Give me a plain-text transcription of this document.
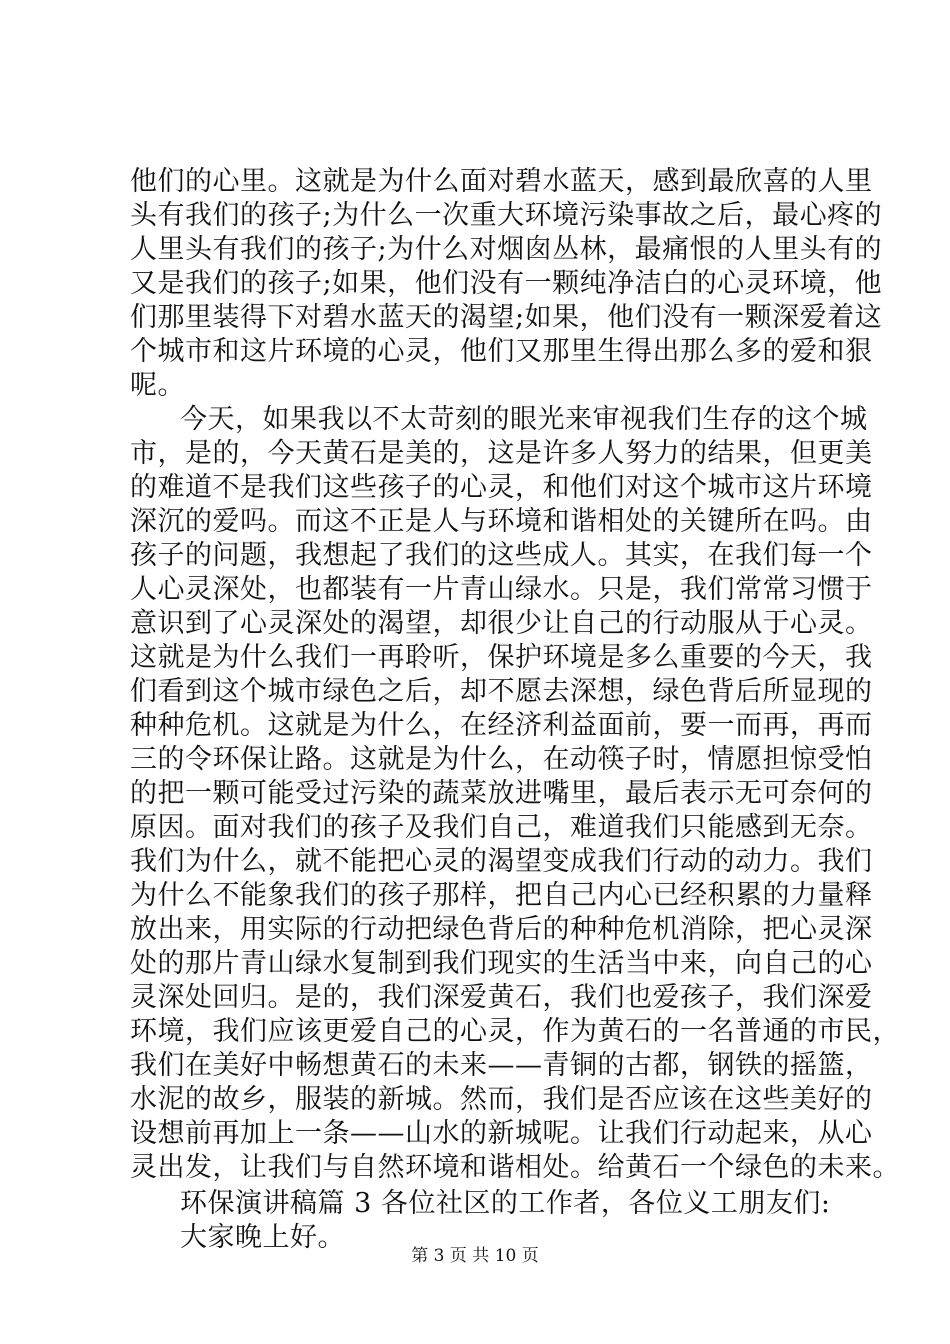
他们的心里。这就是为什么面对碧水蓝天，感到最欣喜的人里
头有我们的孩子;为什么一次重大环境污染事故之后，最心疼的
人里头有我们的孩子;为什么对烟囱丛林，最痛恨的人里头有的
又是我们的孩子;如果，他们没有一颗纯净洁白的心灵环境，他
们那里装得下对碧水蓝天的渴望;如果，他们没有一颗深爱着这
个城市和这片环境的心灵，他们又那里生得出那么多的爱和狠
呢。
今天，如果我以不太苛刻的眼光来审视我们生存的这个城
市，是的，今天黄石是美的，这是许多人努力的结果，但更美
的难道不是我们这些孩子的心灵，和他们对这个城市这片环境
深沉的爱吗。而这不正是人与环境和谐相处的关键所在吗。由
孩子的问题，我想起了我们的这些成人。其实，在我们每一个
人心灵深处，也都装有一片青山绿水。只是，我们常常习惯于
意识到了心灵深处的渴望，却很少让自己的行动服从于心灵。
这就是为什么我们一再聆听，保护环境是多么重要的今天，我
们看到这个城市绿色之后，却不愿去深想，绿色背后所显现的
种种危机。这就是为什么，在经济利益面前，要一而再，再而
三的令环保让路。这就是为什么，在动筷子时，情愿担惊受怕
的把一颗可能受过污染的蔬菜放进嘴里，最后表示无可奈何的
原因。面对我们的孩子及我们自己，难道我们只能感到无奈。
我们为什么，就不能把心灵的渴望变成我们行动的动力。我们
为什么不能象我们的孩子那样，把自己内心已经积累的力量释
放出来，用实际的行动把绿色背后的种种危机消除，把心灵深
处的那片青山绿水复制到我们现实的生活当中来，向自己的心
灵深处回归。是的，我们深爱黄石，我们也爱孩子，我们深爱
环境，我们应该更爱自己的心灵，作为黄石的一名普通的市民，
我们在美好中畅想黄石的未来——青铜的古都，钢铁的摇篮，
水泥的故乡，服装的新城。然而，我们是否应该在这些美好的
设想前再加上一条——山水的新城呢。让我们行动起来，从心
灵出发，让我们与自然环境和谐相处。给黄石一个绿色的未来。
环保演讲稿篇 3 各位社区的工作者，各位义工朋友们:
大家晚上好。
第 3 页 共 10 页
